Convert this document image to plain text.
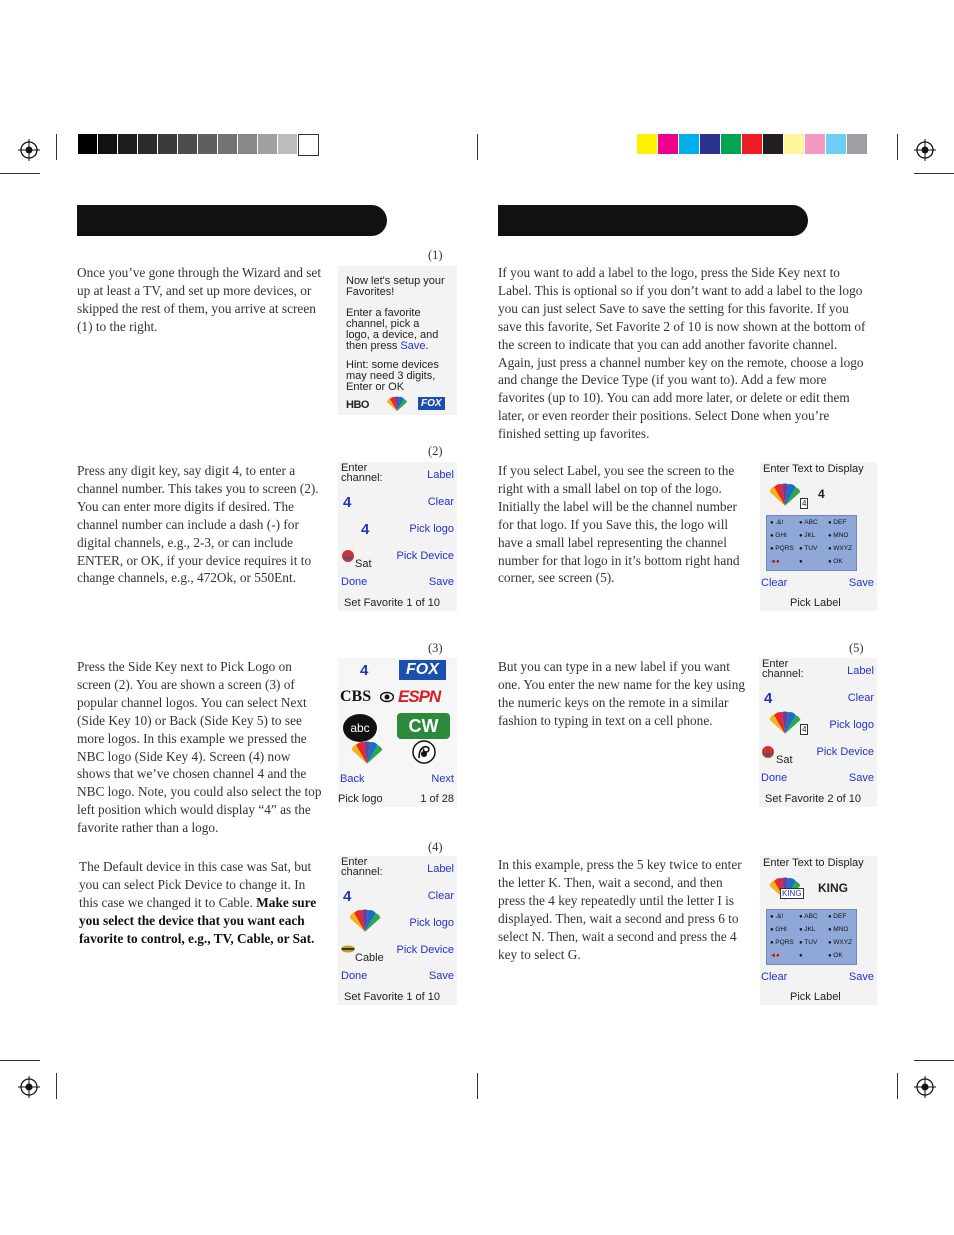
Once you’ve gone through the Wizard and set up at least a TV, and set up more devices, or skipped the rest of them, you arrive at screen (1) to the right.

Press any digit key, say digit 4, to enter a channel number. This takes you to screen (2). You can enter more digits if desired. The channel number can include a dash (-) for digital channels, e.g., 2-3, or can include ENTER, or OK, if your device requires it to change channels, e.g., 472Ok, or 550Ent.

Press the Side Key next to Pick Logo on screen (2). You are shown a screen (3) of popular channel logos. You can select Next (Side Key 10) or Back (Side Key 5) to see more logos. In this example we pressed the NBC logo (Side Key 4). Screen (4) now shows that we’ve chosen channel 4 and the NBC logo. Note, you could also select the top left position which would display “4” as the favorite rather than a logo.

The Default device in this case was Sat, but you can select Pick Device to change it. In this case we changed it to Cable. Make sure you select the device that you want each favorite to control, e.g., TV, Cable, or Sat.

If you want to add a label to the logo, press the Side Key next to Label. This is optional so if you don’t want to add a label to the logo you can just select Save to save the setting for this favorite. If you save this favorite, Set Favorite 2 of 10 is now shown at the bottom of the screen to indicate that you can add another favorite channel. Again, just press a channel number key on the remote, choose a logo and change the Device Type (if you want to). Add a few more favorites (up to 10). You can add more later, or delete or edit them later, or even reorder their positions. Select Done when you’re finished setting up favorites.

If you select Label, you see the screen to the right with a small label on top of the logo. Initially the label will be the channel number for that logo. If you Save this, the logo will have a small label representing the channel number for that logo in it’s bottom right hand corner, see screen (5).

But you can type in a new label if you want one. You enter the new name for the key using the numeric keys on the remote in a similar fashion to typing in text on a cell phone.

In this example, press the 5 key twice to enter the letter K. Then, wait a second, and then press the 4 key repeatedly until the letter I is displayed. Then, wait a second and press 6 to select N. Then, wait a second and press the 4 key to select G.

(1)
(2)
(3)
(4)
(5)
Now let's setup your
Favorites!
Enter a favorite
channel, pick a
logo, a device, and
then press Save.
Hint: some devices
may need 3 digits,
Enter or OK
HBO	FOX
Enter
channel:	Label
4	Clear
4	Pick logo
Sat
Pick Device
Done	Save
Set Favorite 1 of 10
4	FOX
CBS ESPN
abc	CW
Back	Next
Pick logo	1 of 28
Enter
channel:	Label
4	Clear
Pick logo
Cable
Pick Device
Done	Save
Set Favorite 1 of 10
Enter Text to Display
4
4
● .&!	● ABC ● DEF
● GHI ● JKL ● MNO
● PQRS ● TUV ● WXYZ
◄●	●	● OK
Clear	Save
Pick Label
Enter
channel:	Label
4	Clear
4 Pick logo
Sat
Pick Device
Done	Save
Set Favorite 2 of 10
Enter Text to Display
KING KING
● .&!	● ABC ● DEF
● GHI ● JKL ● MNO
● PQRS ● TUV ● WXYZ
◄●	●	● OK
Clear	Save
Pick Label
